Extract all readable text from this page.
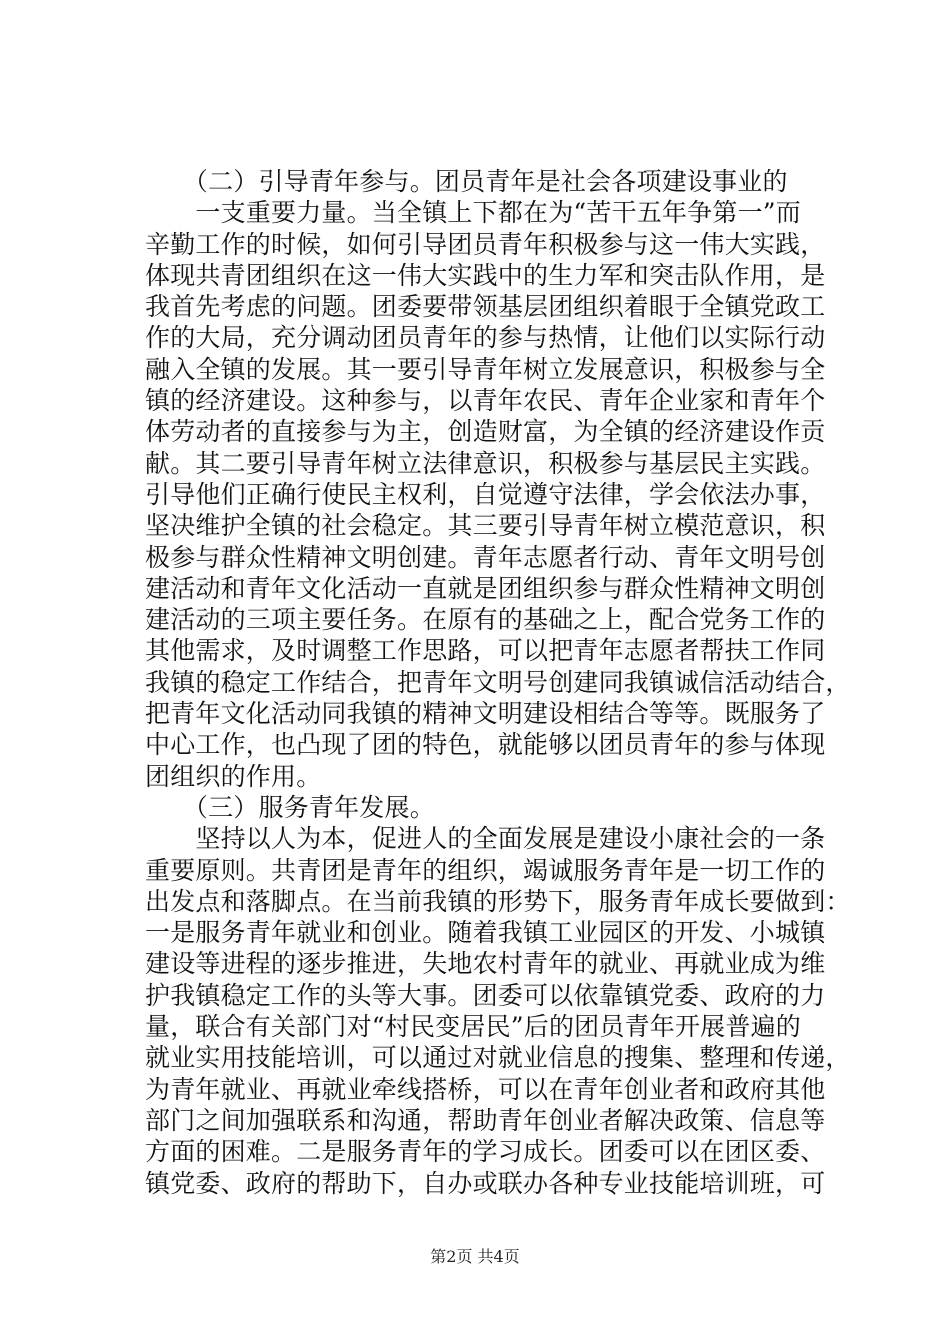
　　（二）引导青年参与。团员青年是社会各项建设事业的
　　一支重要力量。当全镇上下都在为“苦干五年争第一”而
辛勤工作的时候，如何引导团员青年积极参与这一伟大实践，
体现共青团组织在这一伟大实践中的生力军和突击队作用，是
我首先考虑的问题。团委要带领基层团组织着眼于全镇党政工
作的大局，充分调动团员青年的参与热情，让他们以实际行动
融入全镇的发展。其一要引导青年树立发展意识，积极参与全
镇的经济建设。这种参与，以青年农民、青年企业家和青年个
体劳动者的直接参与为主，创造财富，为全镇的经济建设作贡
献。其二要引导青年树立法律意识，积极参与基层民主实践。
引导他们正确行使民主权利，自觉遵守法律，学会依法办事，
坚决维护全镇的社会稳定。其三要引导青年树立模范意识，积
极参与群众性精神文明创建。青年志愿者行动、青年文明号创
建活动和青年文化活动一直就是团组织参与群众性精神文明创
建活动的三项主要任务。在原有的基础之上，配合党务工作的
其他需求，及时调整工作思路，可以把青年志愿者帮扶工作同
我镇的稳定工作结合，把青年文明号创建同我镇诚信活动结合，
把青年文化活动同我镇的精神文明建设相结合等等。既服务了
中心工作，也凸现了团的特色，就能够以团员青年的参与体现
团组织的作用。
　　（三）服务青年发展。
　　坚持以人为本，促进人的全面发展是建设小康社会的一条
重要原则。共青团是青年的组织，竭诚服务青年是一切工作的
出发点和落脚点。在当前我镇的形势下，服务青年成长要做到：
一是服务青年就业和创业。随着我镇工业园区的开发、小城镇
建设等进程的逐步推进，失地农村青年的就业、再就业成为维
护我镇稳定工作的头等大事。团委可以依靠镇党委、政府的力
量，联合有关部门对“村民变居民”后的团员青年开展普遍的
就业实用技能培训，可以通过对就业信息的搜集、整理和传递，
为青年就业、再就业牵线搭桥，可以在青年创业者和政府其他
部门之间加强联系和沟通，帮助青年创业者解决政策、信息等
方面的困难。二是服务青年的学习成长。团委可以在团区委、
镇党委、政府的帮助下，自办或联办各种专业技能培训班，可
第2页 共4页
